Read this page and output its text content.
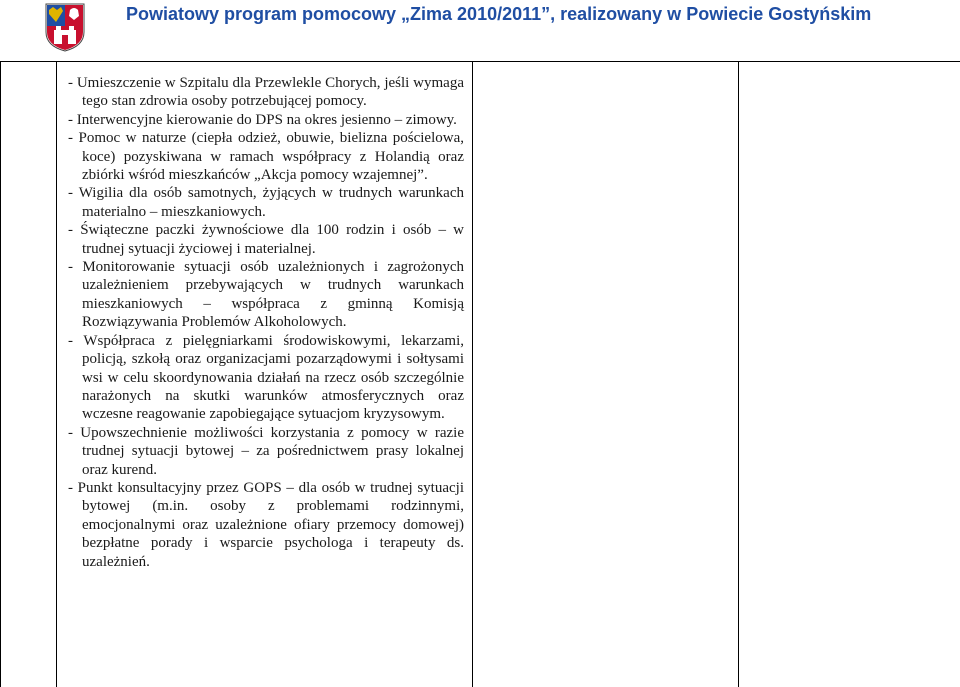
Powiatowy program pomocowy „Zima 2010/2011”, realizowany w Powiecie Gostyńskim

- Umieszczenie w Szpitalu dla Przewlekle Chorych, jeśli wymaga tego stan zdrowia osoby potrzebującej pomocy.

- Interwencyjne kierowanie do DPS na okres jesienno – zimowy.

- Pomoc w naturze (ciepła odzież, obuwie, bielizna pościelowa, koce) pozyskiwana w ramach współpracy z Holandią oraz zbiórki wśród mieszkańców „Akcja pomocy wzajemnej”.

- Wigilia dla osób samotnych, żyjących w trudnych warunkach materialno – mieszkaniowych.

- Świąteczne paczki żywnościowe dla 100 rodzin i osób – w trudnej sytuacji życiowej i materialnej.

- Monitorowanie sytuacji osób uzależnionych i zagrożonych uzależnieniem przebywających w trudnych warunkach mieszkaniowych – współpraca z gminną Komisją Rozwiązywania Problemów Alkoholowych.

- Współpraca z pielęgniarkami środowiskowymi, lekarzami, policją, szkołą oraz organizacjami pozarządowymi i sołtysami wsi w celu skoordynowania działań na rzecz osób szczególnie narażonych na skutki warunków atmosferycznych oraz wczesne reagowanie zapobiegające sytuacjom kryzysowym.

- Upowszechnienie możliwości korzystania z pomocy w razie trudnej sytuacji bytowej – za pośrednictwem prasy lokalnej oraz kurend.

- Punkt konsultacyjny przez GOPS – dla osób w trudnej sytuacji bytowej (m.in. osoby z problemami rodzinnymi, emocjonalnymi oraz uzależnione ofiary przemocy domowej) bezpłatne porady i wsparcie psychologa i terapeuty ds. uzależnień.
